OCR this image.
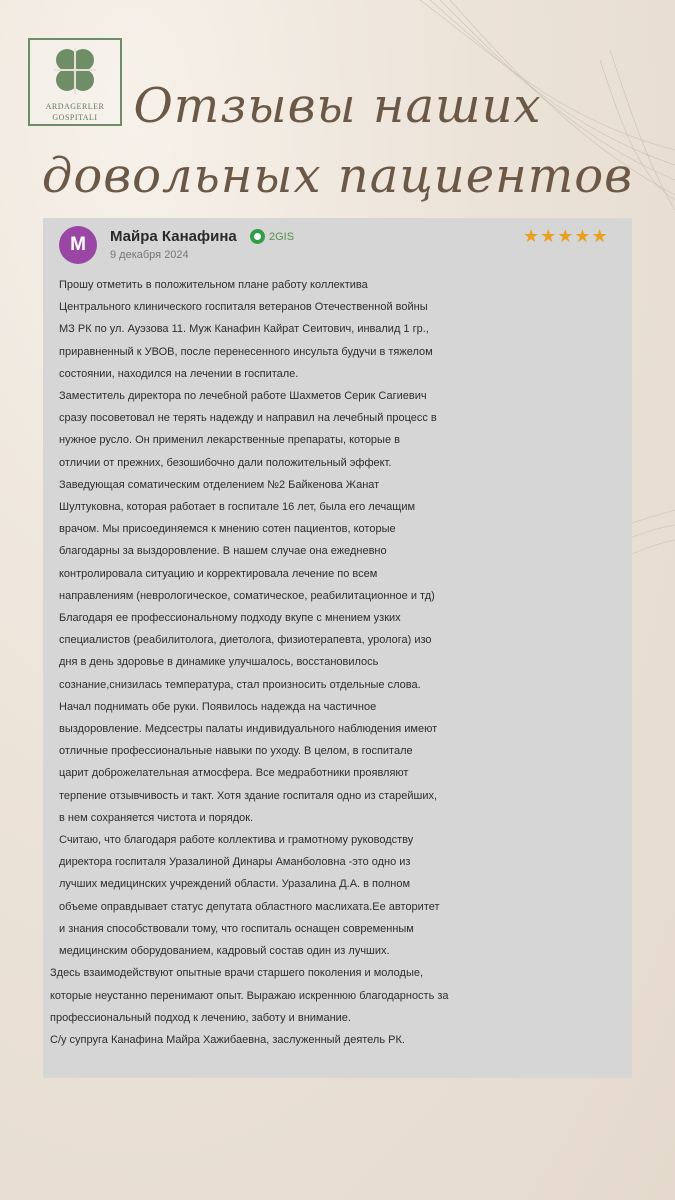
ARDAGERLER
GOSPITALI Отзывы наших
довольных пациентов
М	Майра Канафина	2GIS
9 декабря 2024
★★★★★

Прошу отметить в положительном плане работу коллектива

Центрального клинического госпиталя ветеранов Отечественной войны

МЗ РК по ул. Ауэзова 11. Муж Канафин Кайрат Сеитович, инвалид 1 гр.,

приравненный к УВОВ, после перенесенного инсульта будучи в тяжелом

состоянии, находился на лечении в госпитале.

Заместитель директора по лечебной работе Шахметов Серик Сагиевич

сразу посоветовал не терять надежду и направил на лечебный процесс в

нужное русло. Он применил лекарственные препараты, которые в

отличии от прежних, безошибочно дали положительный эффект.

Заведующая соматическим отделением №2 Байкенова Жанат

Шултуковна, которая работает в госпитале 16 лет, была его лечащим

врачом. Мы присоединяемся к мнению сотен пациентов, которые

благодарны за выздоровление. В нашем случае она ежедневно

контролировала ситуацию и корректировала лечение по всем

направлениям (неврологическое, соматическое, реабилитационное и тд)

Благодаря ее профессиональному подходу вкупе с мнением узких

специалистов (реабилитолога, диетолога, физиотерапевта, уролога) изо

дня в день здоровье в динамике улучшалось, восстановилось

сознание,снизилась температура, стал произносить отдельные слова.

Начал поднимать обе руки. Появилось надежда на частичное

выздоровление. Медсестры палаты индивидуального наблюдения имеют

отличные профессиональные навыки по уходу. В целом, в госпитале

царит доброжелательная атмосфера. Все медработники проявляют

терпение отзывчивость и такт. Хотя здание госпиталя одно из старейших,

в нем сохраняется чистота и порядок.

Считаю, что благодаря работе коллектива и грамотному руководству

директора госпиталя Уразалиной Динары Аманболовна -это одно из

лучших медицинских учреждений области. Уразалина Д.А. в полном

объеме оправдывает статус депутата областного маслихата.Ее авторитет

и знания способствовали тому, что госпиталь оснащен современным

медицинским оборудованием, кадровый состав один из лучших.

Здесь взаимодействуют опытные врачи старшего поколения и молодые,

которые неустанно перенимают опыт. Выражаю искреннюю благодарность за

профессиональный подход к лечению, заботу и внимание.

С/у супруга Канафина Майра Хажибаевна, заслуженный деятель РК.
